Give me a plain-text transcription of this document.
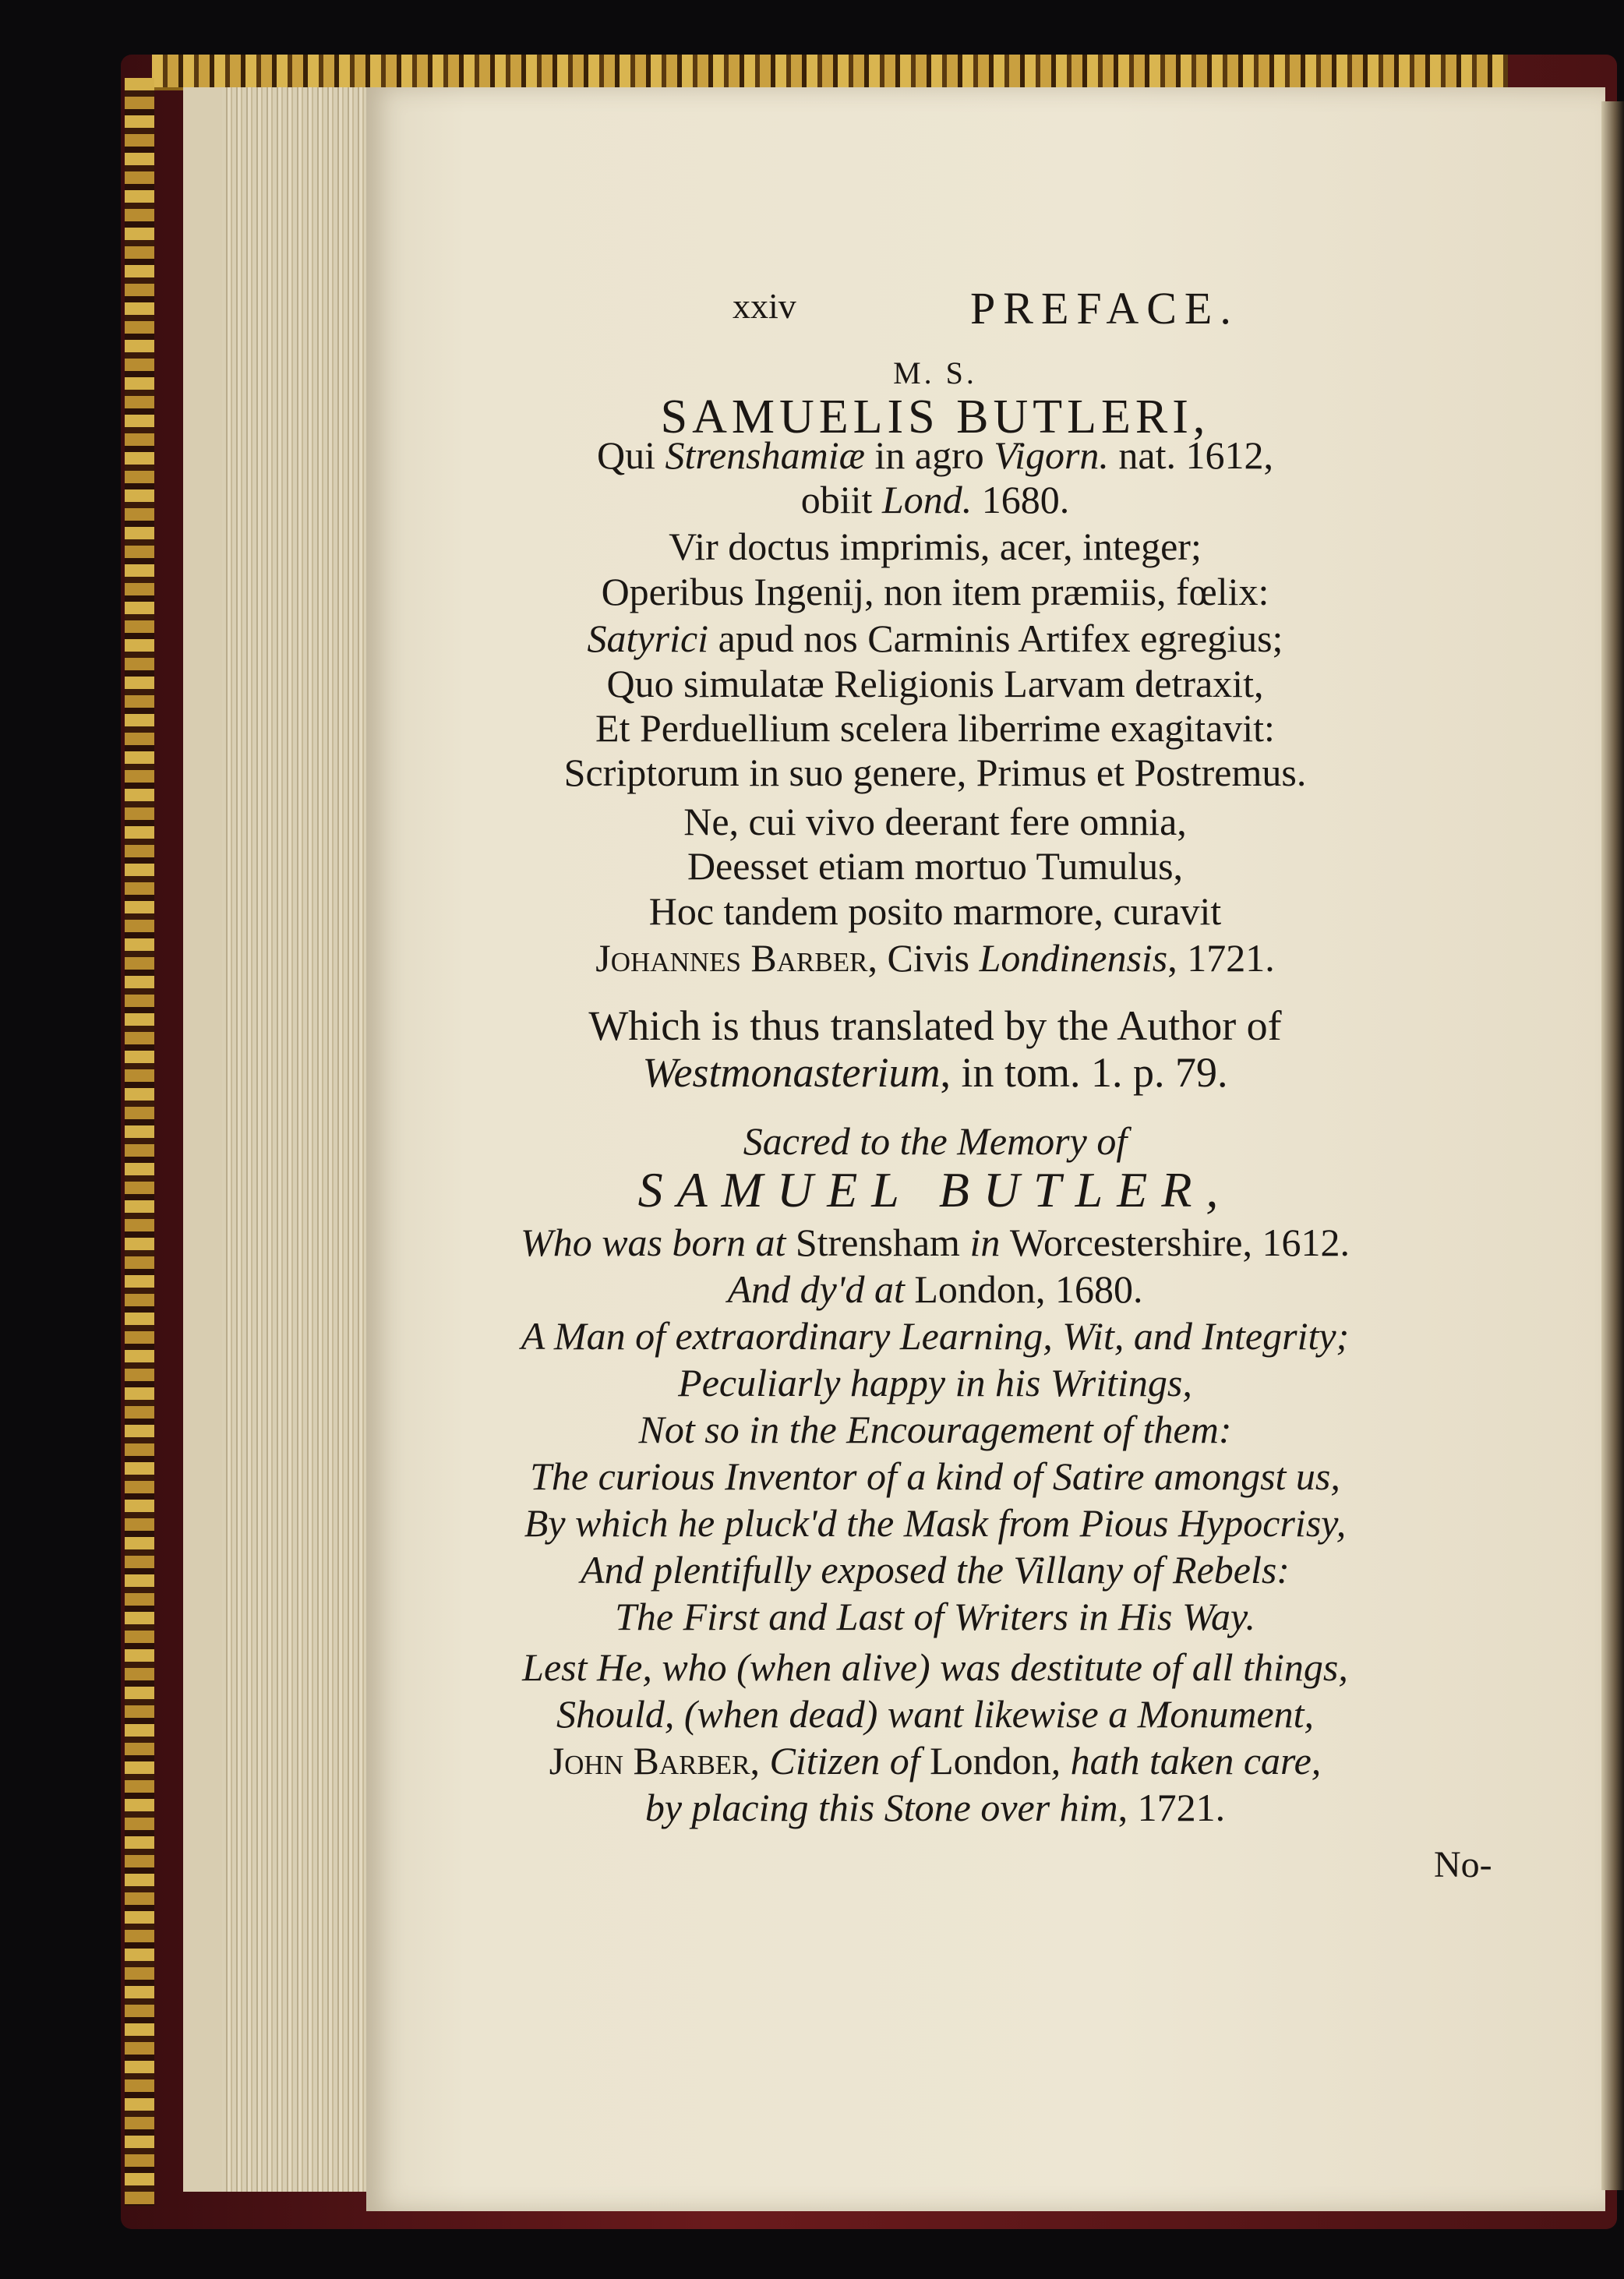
xxiv	PREFACE.
M. S.
SAMUELIS BUTLERI,
Qui Strenshamiæ in agro Vigorn. nat. 1612,
obiit Lond. 1680.
Vir doctus imprimis, acer, integer;
Operibus Ingenij, non item præmiis, fœlix:
Satyrici apud nos Carminis Artifex egregius;
Quo simulatæ Religionis Larvam detraxit,
Et Perduellium scelera liberrime exagitavit:
Scriptorum in suo genere, Primus et Postremus.
Ne, cui vivo deerant fere omnia,
Deesset etiam mortuo Tumulus,
Hoc tandem posito marmore, curavit
Johannes Barber, Civis Londinensis, 1721.
Which is thus translated by the Author of
Westmonasterium, in tom. 1. p. 79.
Sacred to the Memory of
SAMUEL BUTLER,
Who was born at Strensham in Worcestershire, 1612.
And dy'd at London, 1680.
A Man of extraordinary Learning, Wit, and Integrity;
Peculiarly happy in his Writings,
Not so in the Encouragement of them:
The curious Inventor of a kind of Satire amongst us,
By which he pluck'd the Mask from Pious Hypocrisy,
And plentifully exposed the Villany of Rebels:
The First and Last of Writers in His Way.
Lest He, who (when alive) was destitute of all things,
Should, (when dead) want likewise a Monument,
John Barber, Citizen of London, hath taken care,
by placing this Stone over him, 1721.
No-
